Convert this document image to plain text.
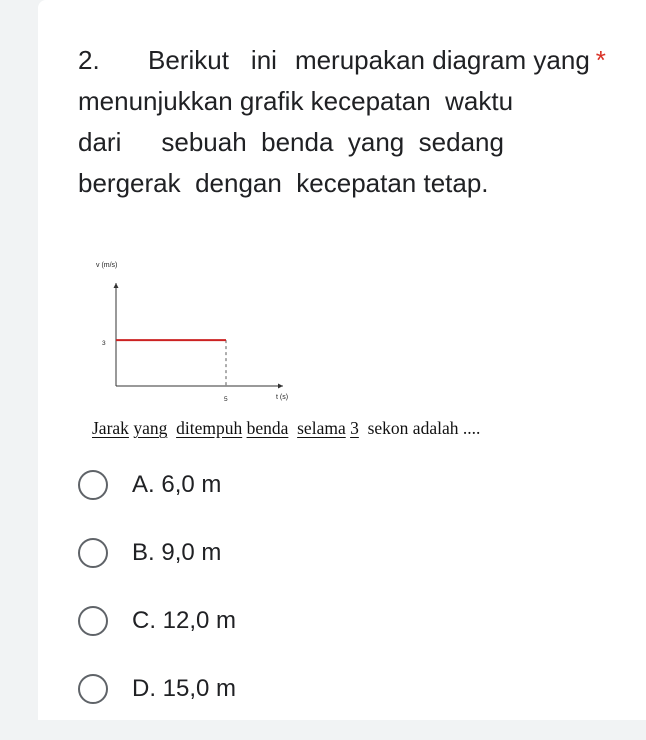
2. Berikut ini merupakan diagram yang *
menunjukkan grafik kecepatan  waktu
dari sebuah  benda  yang  sedang
bergerak  dengan  kecepatan tetap.
v (m/s)
t (s)
3
5
Jarak yang ditempuh benda selama 3  sekon adalah ....
A. 6,0 m
B. 9,0 m
C. 12,0 m
D. 15,0 m
